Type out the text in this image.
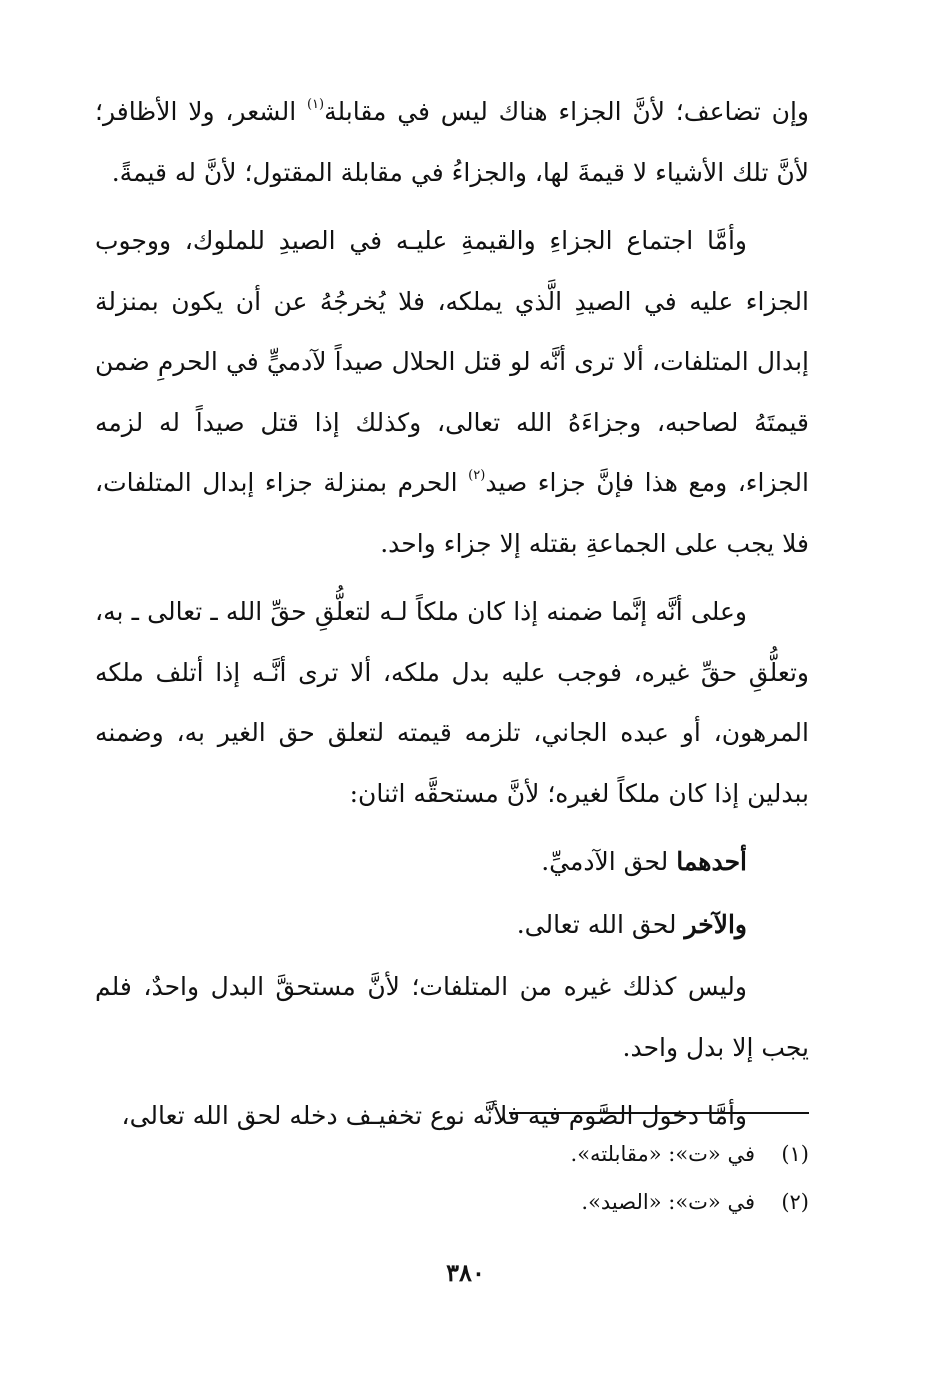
وإن تضاعف؛ لأنَّ الجزاء هناك ليس في مقابلة$^{(١)}$ الشعر، ولا الأظافر؛ لأنَّ تلك الأشياء لا قيمةَ لها، والجزاءُ في مقابلة المقتول؛ لأنَّ له قيمةً.

وأمَّا اجتماع الجزاءِ والقيمةِ عليـه في الصيدِ للملوك، ووجوب الجزاء عليه في الصيدِ الَّذي يملكه، فلا يُخرجُهُ عن أن يكون بمنزلة إبدال المتلفات، ألا ترى أنَّه لو قتل الحلال صيداً لآدميٍّ في الحرمِ ضمن قيمتَهُ لصاحبه، وجزاءَهُ الله تعالى، وكذلك إذا قتل صيداً له لزمه الجزاء، ومع هذا فإنَّ جزاء صيد$^{(٢)}$ الحرم بمنزلة جزاء إبدال المتلفات، فلا يجب على الجماعةِ بقتله إلا جزاء واحد.

وعلى أنَّه إنَّما ضمنه إذا كان ملكاً لـه لتعلُّقِ حقِّ الله ـ تعالى ـ به، وتعلُّقِ حقِّ غيره، فوجب عليه بدل ملكه، ألا ترى أنَّـه إذا أتلف ملكه المرهون، أو عبده الجاني، تلزمه قيمته لتعلق حق الغير به، وضمنه ببدلين إذا كان ملكاً لغيره؛ لأنَّ مستحقَّه اثنان:

أحدهما لحق الآدميِّ.

والآخر لحق الله تعالى.

وليس كذلك غيره من المتلفات؛ لأنَّ مستحقَّ البدل واحدٌ، فلم يجب إلا بدل واحد.

وأمَّا دخول الصَّوم فيه فلأنَّه نوع تخفيـف دخله لحق الله تعالى،

(١)في «ت»: «مقابلته».
(٢)في «ت»: «الصيد».
٣٨٠
